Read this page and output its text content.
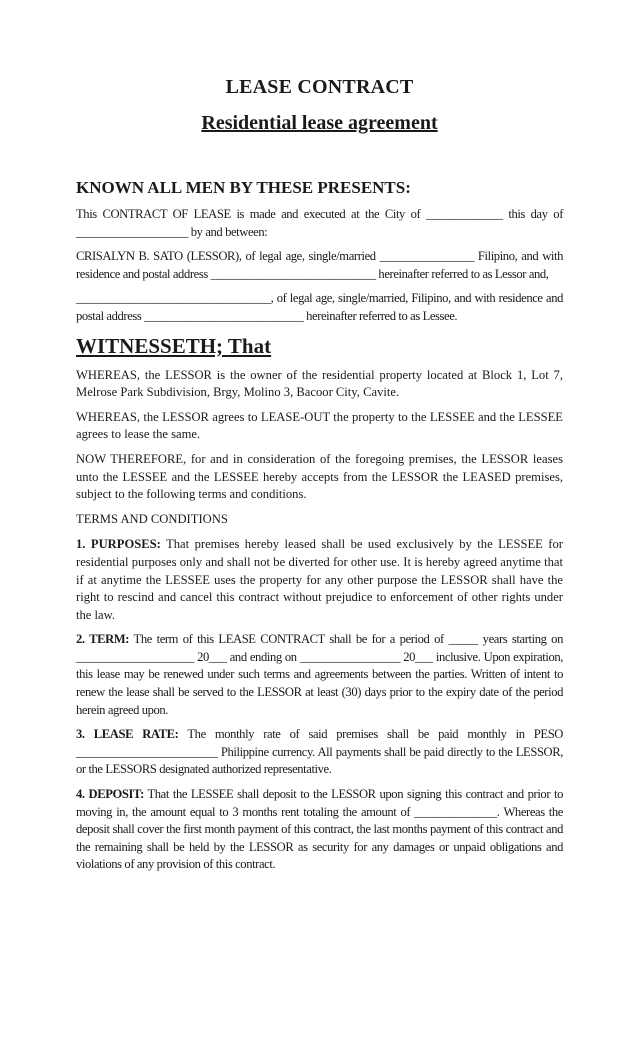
LEASE CONTRACT
Residential lease agreement
KNOWN ALL MEN BY THESE PRESENTS:

This CONTRACT OF LEASE is made and executed at the City of _____________ this day of ___________________ by and between:

CRISALYN B. SATO (LESSOR), of legal age, single/married ________________ Filipino, and with residence and postal address ____________________________ hereinafter referred to as Lessor and,

_________________________________, of legal age, single/married, Filipino, and with residence and postal address ___________________________ hereinafter referred to as Lessee.

WITNESSETH; That

WHEREAS, the LESSOR is the owner of the residential property located at Block 1, Lot 7, Melrose Park Subdivision, Brgy, Molino 3, Bacoor City, Cavite.

WHEREAS, the LESSOR agrees to LEASE-OUT the property to the LESSEE and the LESSEE agrees to lease the same.

NOW THEREFORE, for and in consideration of the foregoing premises, the LESSOR leases unto the LESSEE and the LESSEE hereby accepts from the LESSOR the LEASED premises, subject to the following terms and conditions.

TERMS AND CONDITIONS

1. PURPOSES: That premises hereby leased shall be used exclusively by the LESSEE for residential purposes only and shall not be diverted for other use. It is hereby agreed anytime that if at anytime the LESSEE uses the property for any other purpose the LESSOR shall have the right to rescind and cancel this contract without prejudice to enforcement of other rights under the law.

2. TERM: The term of this LEASE CONTRACT shall be for a period of _____ years starting on ____________________ 20___ and ending on _________________ 20___ inclusive. Upon expiration, this lease may be renewed under such terms and agreements between the parties. Written of intent to renew the lease shall be served to the LESSOR at least (30) days prior to the expiry date of the period herein agreed upon.

3. LEASE RATE: The monthly rate of said premises shall be paid monthly in PESO ________________________ Philippine currency. All payments shall be paid directly to the LESSOR, or the LESSORS designated authorized representative.

4. DEPOSIT: That the LESSEE shall deposit to the LESSOR upon signing this contract and prior to moving in, the amount equal to 3 months rent totaling the amount of ______________. Whereas the deposit shall cover the first month payment of this contract, the last months payment of this contract and the remaining shall be held by the LESSOR as security for any damages or unpaid obligations and violations of any provision of this contract.
